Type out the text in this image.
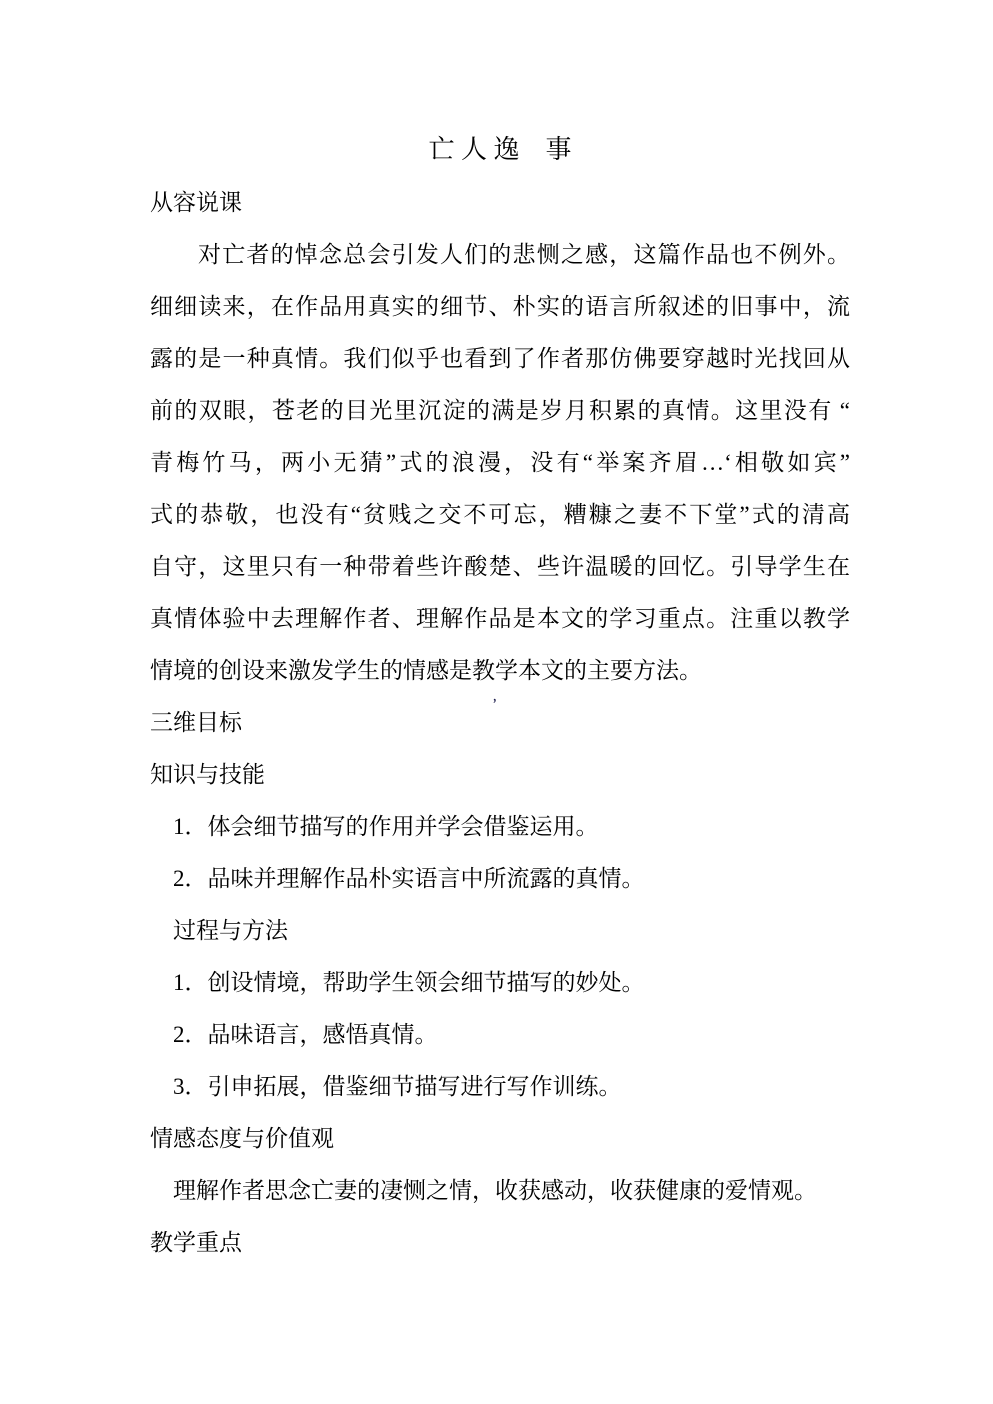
亡 人 逸    事
从容说课
对亡者的悼念总会引发人们的悲恻之感，这篇作品也不例外。
细细读来，在作品用真实的细节、朴实的语言所叙述的旧事中，流
露的是一种真情。我们似乎也看到了作者那仿佛要穿越时光找回从
前的双眼，苍老的目光里沉淀的满是岁月积累的真情。这里没有 “
青梅竹马，两小无猜”式的浪漫，没有“举案齐眉…‘相敬如宾”
式的恭敬，也没有“贫贱之交不可忘，糟糠之妻不下堂”式的清高
自守，这里只有一种带着些许酸楚、些许温暖的回忆。引导学生在
真情体验中去理解作者、理解作品是本文的学习重点。注重以教学
情境的创设来激发学生的情感是教学本文的主要方法。
三维目标
知识与技能
1．体会细节描写的作用并学会借鉴运用。
2．品味并理解作品朴实语言中所流露的真情。
过程与方法
1．创设情境，帮助学生领会细节描写的妙处。
2．品味语言，感悟真情。
3．引申拓展，借鉴细节描写进行写作训练。
情感态度与价值观
理解作者思念亡妻的凄恻之情，收获感动，收获健康的爱情观。
教学重点
，
